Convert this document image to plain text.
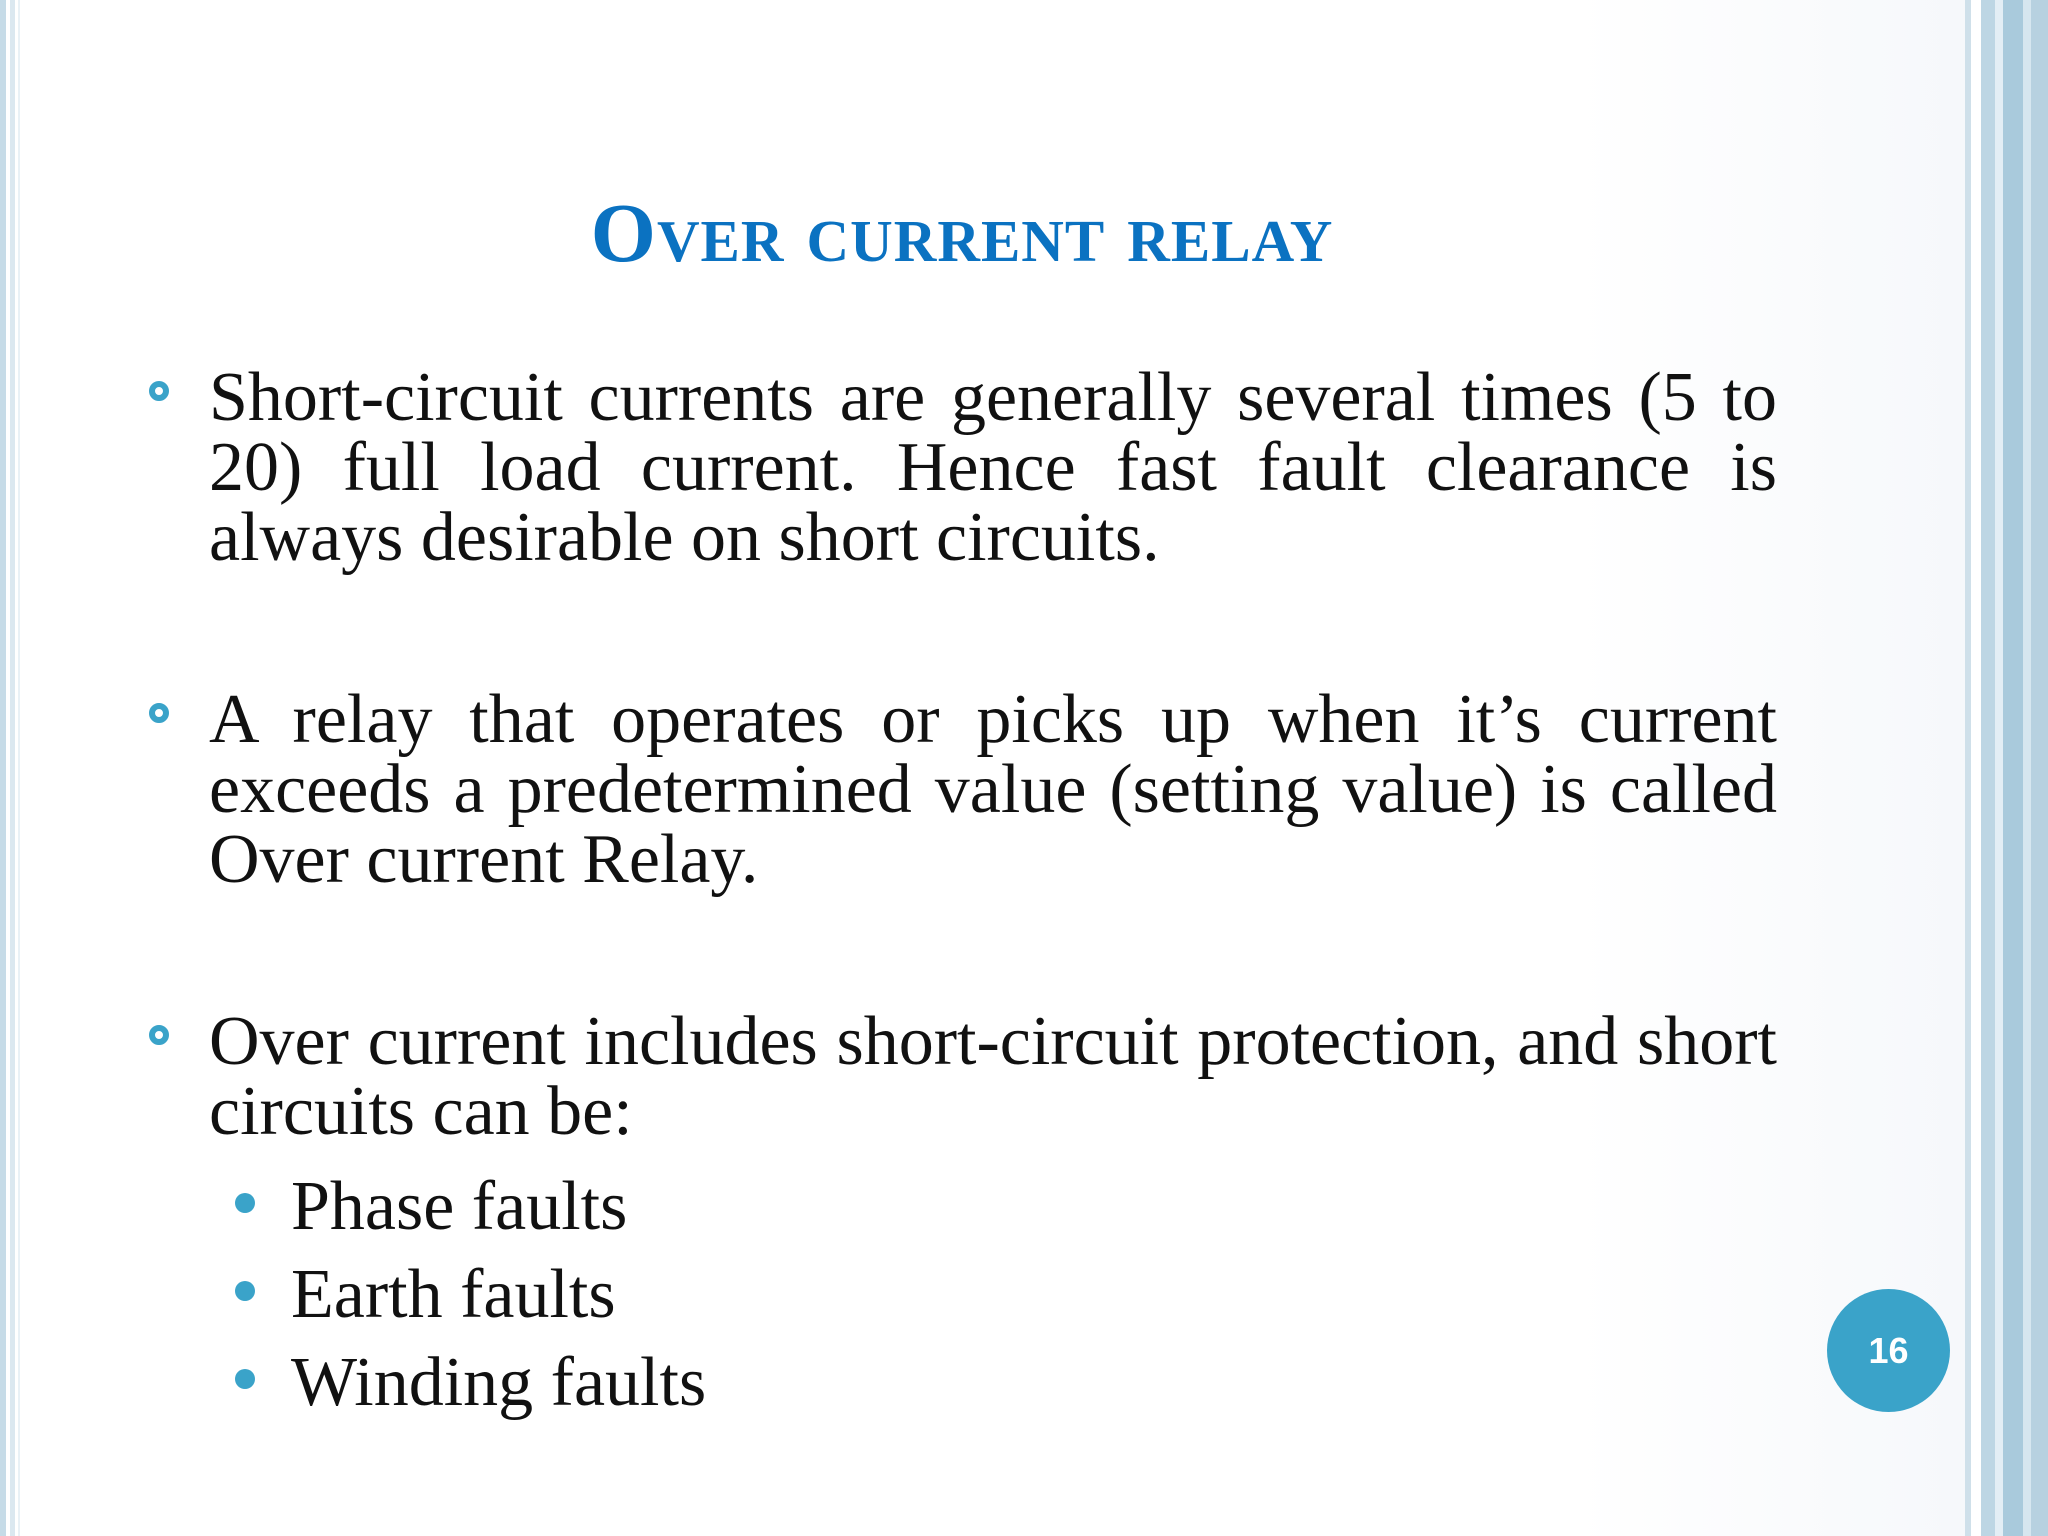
Over current relay

Short-circuit currents are generally several times (5 to 20) full load current. Hence fast fault clearance is always desirable on short circuits.

A relay that operates or picks up when it’s current exceeds a predetermined value (setting value) is called Over current Relay.

Over current includes short-circuit protection, and short circuits can be:

Phase faults
Earth faults
Winding faults	16
